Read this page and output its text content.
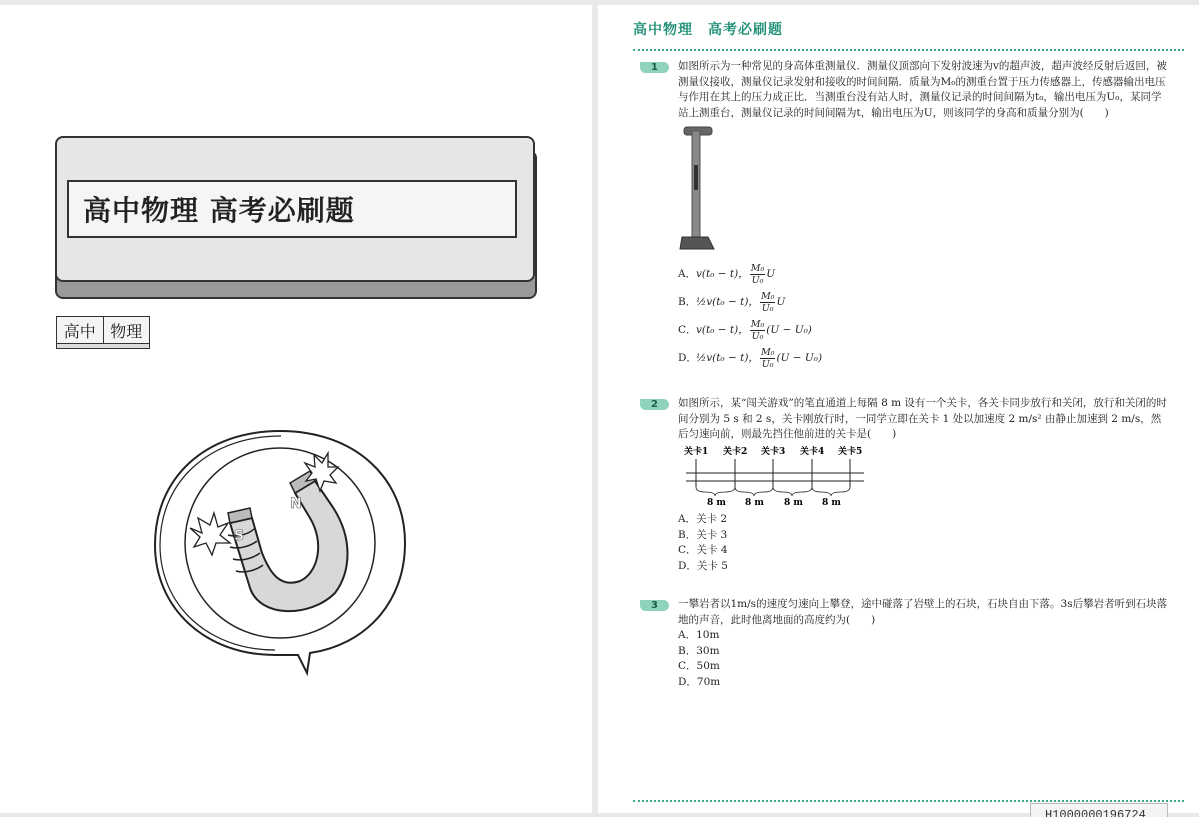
高中物理 高考必刷题
高中 物理
S
N
高中物理　高考必刷题
1	如图所示为一种常见的身高体重测量仪．测量仪顶部向下发射波速为v的超声波，超声波经反射后返回，被测量仪接收，测量仪记录发射和接收的时间间隔．质量为M₀的测重台置于压力传感器上，传感器输出电压与作用在其上的压力成正比．当测重台没有站人时，测量仪记录的时间间隔为t₀，输出电压为U₀，某同学站上测重台，测量仪记录的时间间隔为t，输出电压为U，则该同学的身高和质量分别为(　　)
A． v(t₀ − t)， $\frac{\text{M₀}}{\text{U₀}}$ U
B． ½ v(t₀ − t)， $\frac{\text{M₀}}{\text{U₀}}$ U
C． v(t₀ − t)， $\frac{\text{M₀}}{\text{U₀}} (U - U_0)$
D． ½ v(t₀ − t)， $\frac{\text{M₀}}{\text{U₀}} (U - U_0)$
2	如图所示，某“闯关游戏”的笔直通道上每隔 8 m 设有一个关卡，各关卡同步放行和关闭，放行和关闭的时间分别为 5 s 和 2 s，关卡刚放行时，一同学立即在关卡 1 处以加速度 2 m/s² 由静止加速到 2 m/s，然后匀速向前，则最先挡住他前进的关卡是(　　)
关卡1 关卡2 关卡3 关卡4 关卡5
8 m 8 m 8 m 8 m
A．关卡 2
B．关卡 3
C．关卡 4
D．关卡 5
3	一攀岩者以1m/s的速度匀速向上攀登，途中碰落了岩壁上的石块，石块自由下落。3s后攀岩者听到石块落地的声音，此时他离地面的高度约为(　　)
A．10m
B．30m
C．50m
D．70m
H1000000196724
